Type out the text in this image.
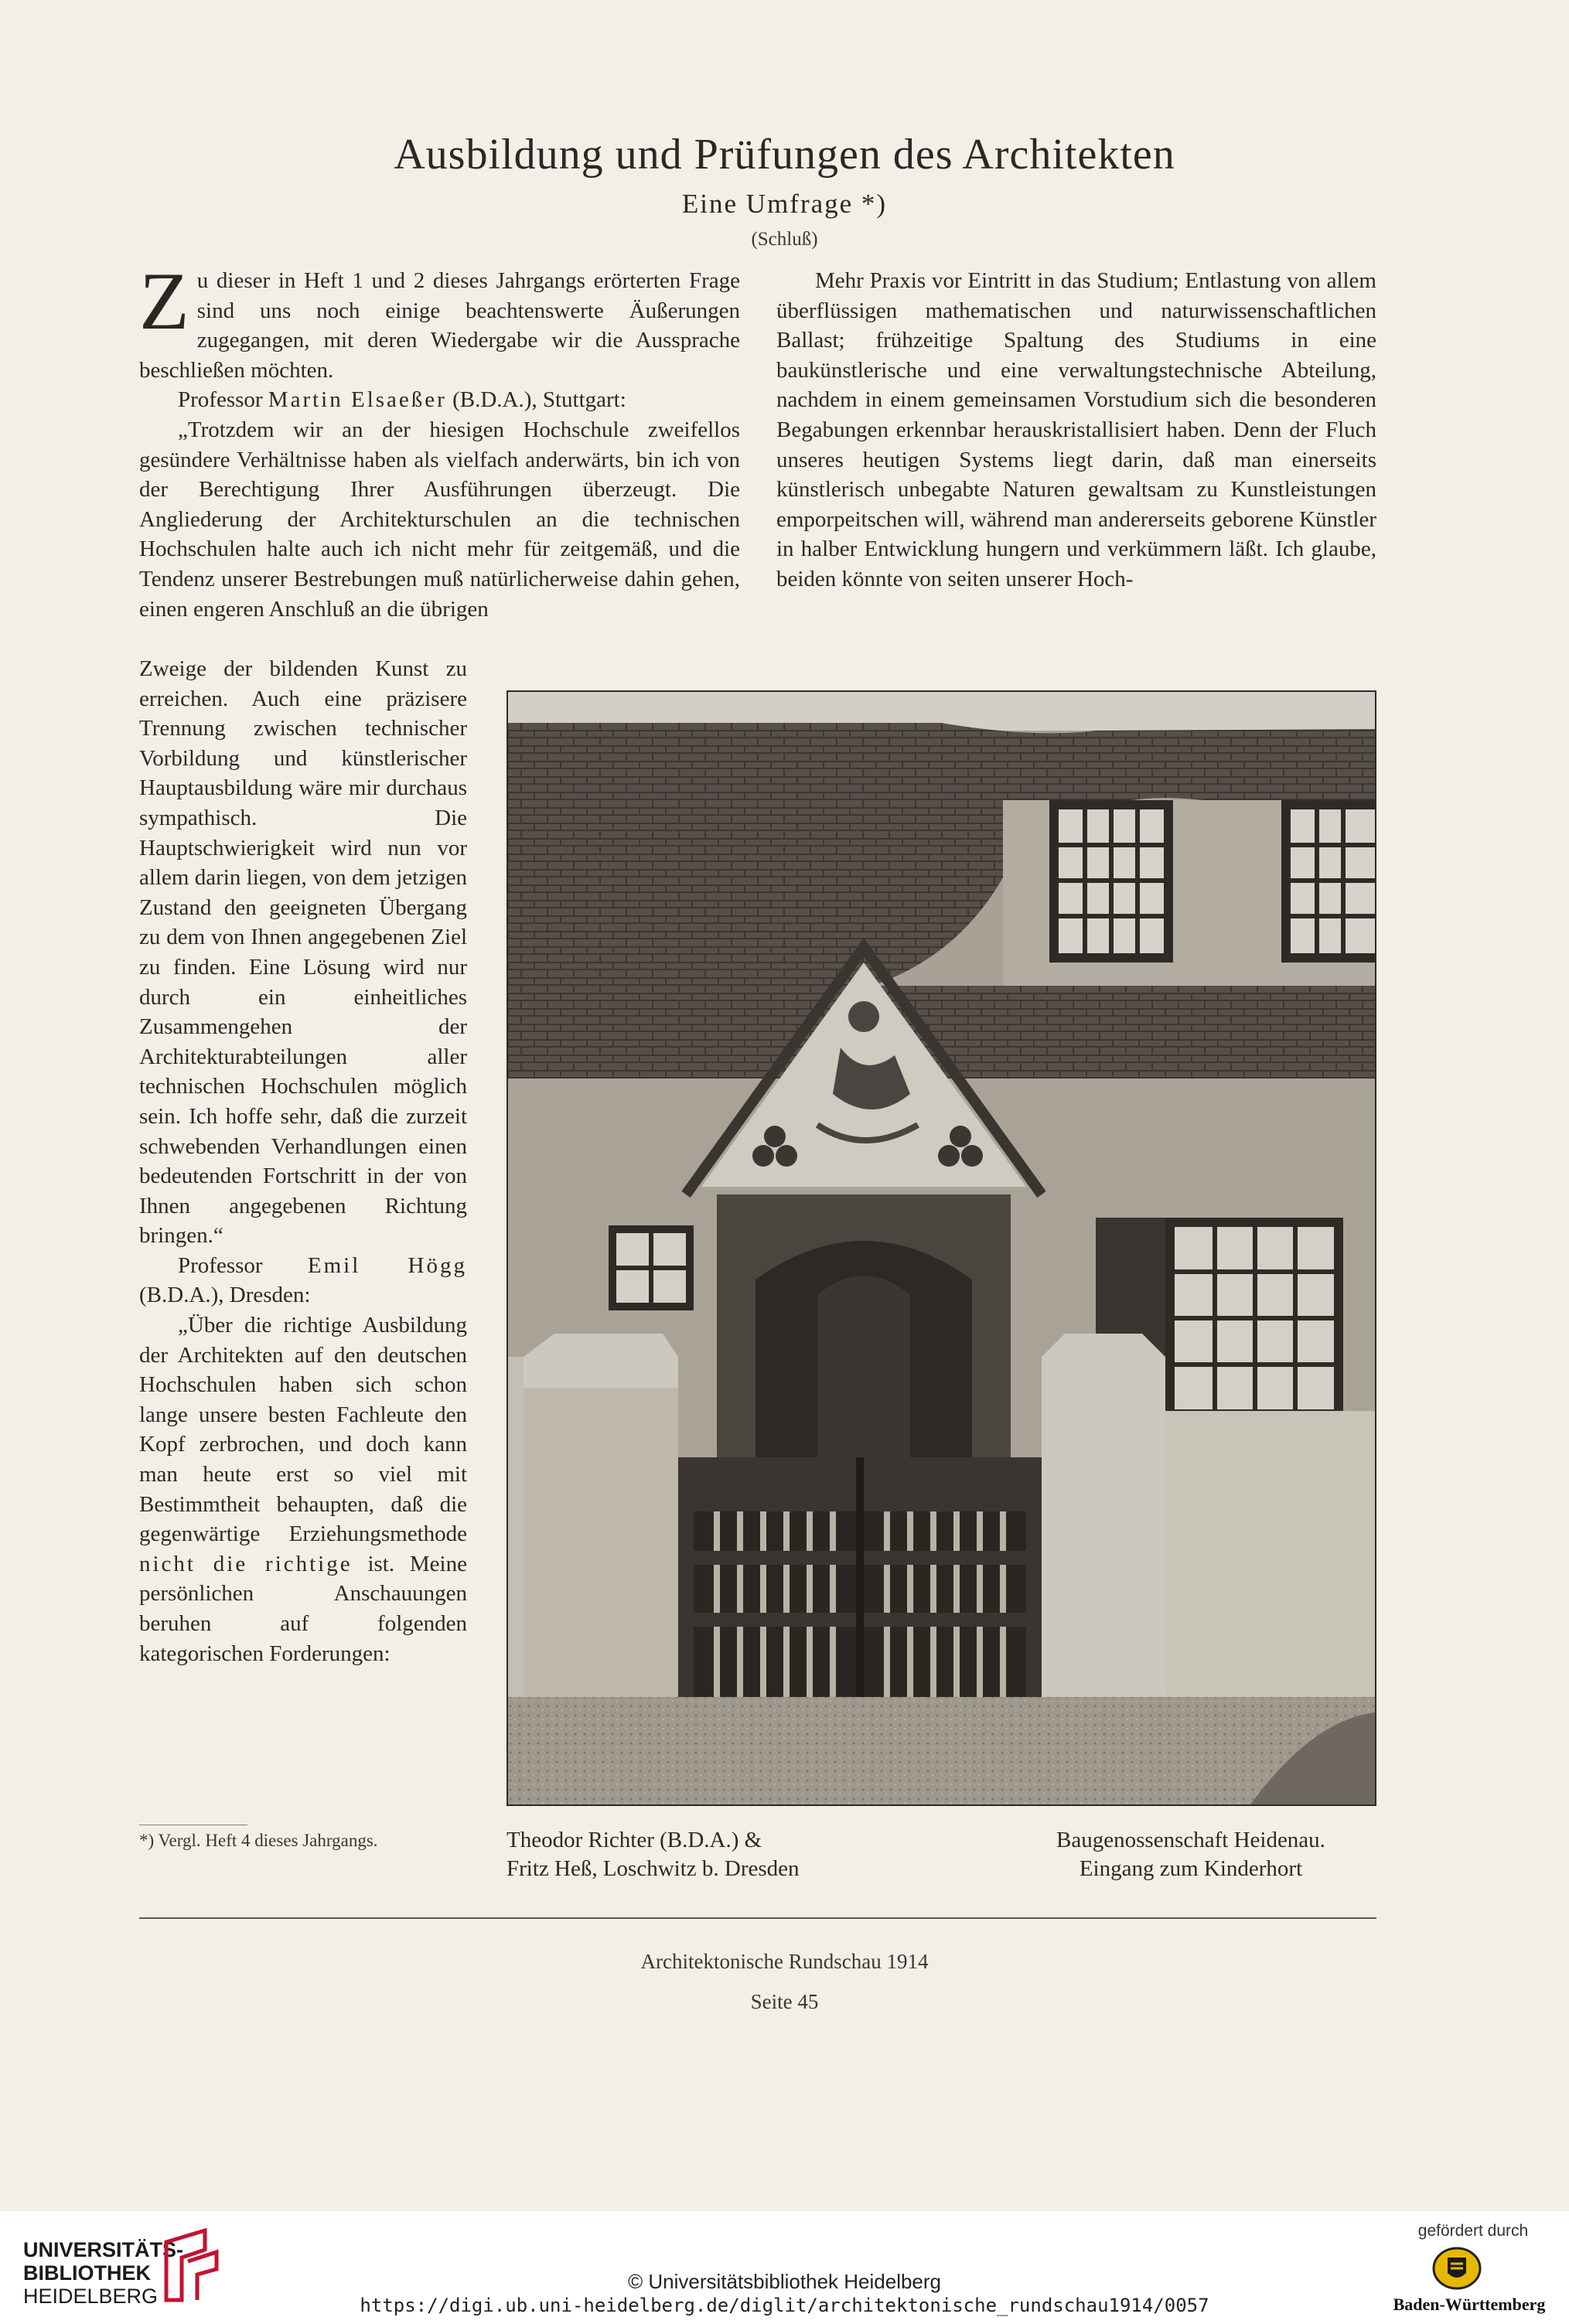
Ausbildung und Prüfungen des Architekten
Eine Umfrage *)
(Schluß)

Zu dieser in Heft 1 und 2 dieses Jahrgangs erörterten Frage sind uns noch einige beachtenswerte Äußerungen zugegangen, mit deren Wiedergabe wir die Aussprache beschließen möchten.

Professor Martin Elsaeßer (B.D.A.), Stuttgart:

„Trotzdem wir an der hiesigen Hochschule zweifellos gesündere Verhältnisse haben als vielfach anderwärts, bin ich von der Berechtigung Ihrer Ausführungen überzeugt. Die Angliederung der Architekturschulen an die technischen Hochschulen halte auch ich nicht mehr für zeitgemäß, und die Tendenz unserer Bestrebungen muß natürlicherweise dahin gehen, einen engeren Anschluß an die übrigen

Zweige der bildenden Kunst zu erreichen. Auch eine präzisere Trennung zwischen technischer Vorbildung und künstlerischer Hauptausbildung wäre mir durchaus sympathisch. Die Hauptschwierigkeit wird nun vor allem darin liegen, von dem jetzigen Zustand den geeigneten Übergang zu dem von Ihnen angegebenen Ziel zu finden. Eine Lösung wird nur durch ein einheitliches Zusammengehen der Architekturabteilungen aller technischen Hochschulen möglich sein. Ich hoffe sehr, daß die zurzeit schwebenden Verhandlungen einen bedeutenden Fortschritt in der von Ihnen angegebenen Richtung bringen.“

Professor Emil Högg (B.D.A.), Dresden:

„Über die richtige Ausbildung der Architekten auf den deutschen Hochschulen haben sich schon lange unsere besten Fachleute den Kopf zerbrochen, und doch kann man heute erst so viel mit Bestimmtheit behaupten, daß die gegenwärtige Erziehungsmethode nicht die richtige ist. Meine persönlichen Anschauungen beruhen auf folgenden kategorischen Forderungen:

Mehr Praxis vor Eintritt in das Studium; Entlastung von allem überflüssigen mathematischen und naturwissenschaftlichen Ballast; frühzeitige Spaltung des Studiums in eine baukünstlerische und eine verwaltungstechnische Abteilung, nachdem in einem gemeinsamen Vorstudium sich die besonderen Begabungen erkennbar herauskristallisiert haben. Denn der Fluch unseres heutigen Systems liegt darin, daß man einerseits künstlerisch unbegabte Naturen gewaltsam zu Kunstleistungen emporpeitschen will, während man andererseits geborene Künstler in halber Entwicklung hungern und verkümmern läßt. Ich glaube, beiden könnte von seiten unserer Hoch-

*) Vergl. Heft 4 dieses Jahrgangs.	Theodor Richter (B.D.A.) &
Fritz Heß, Loschwitz b. Dresden
Baugenossenschaft Heidenau.
Eingang zum Kinderhort
Architektonische Rundschau 1914
Seite 45
UNIVERSITÄTS-
BIBLIOTHEK
HEIDELBERG
© Universitätsbibliothek Heidelberg
https://digi.ub.uni-heidelberg.de/diglit/architektonische_rundschau1914/0057
gefördert durch
Baden-Württemberg
